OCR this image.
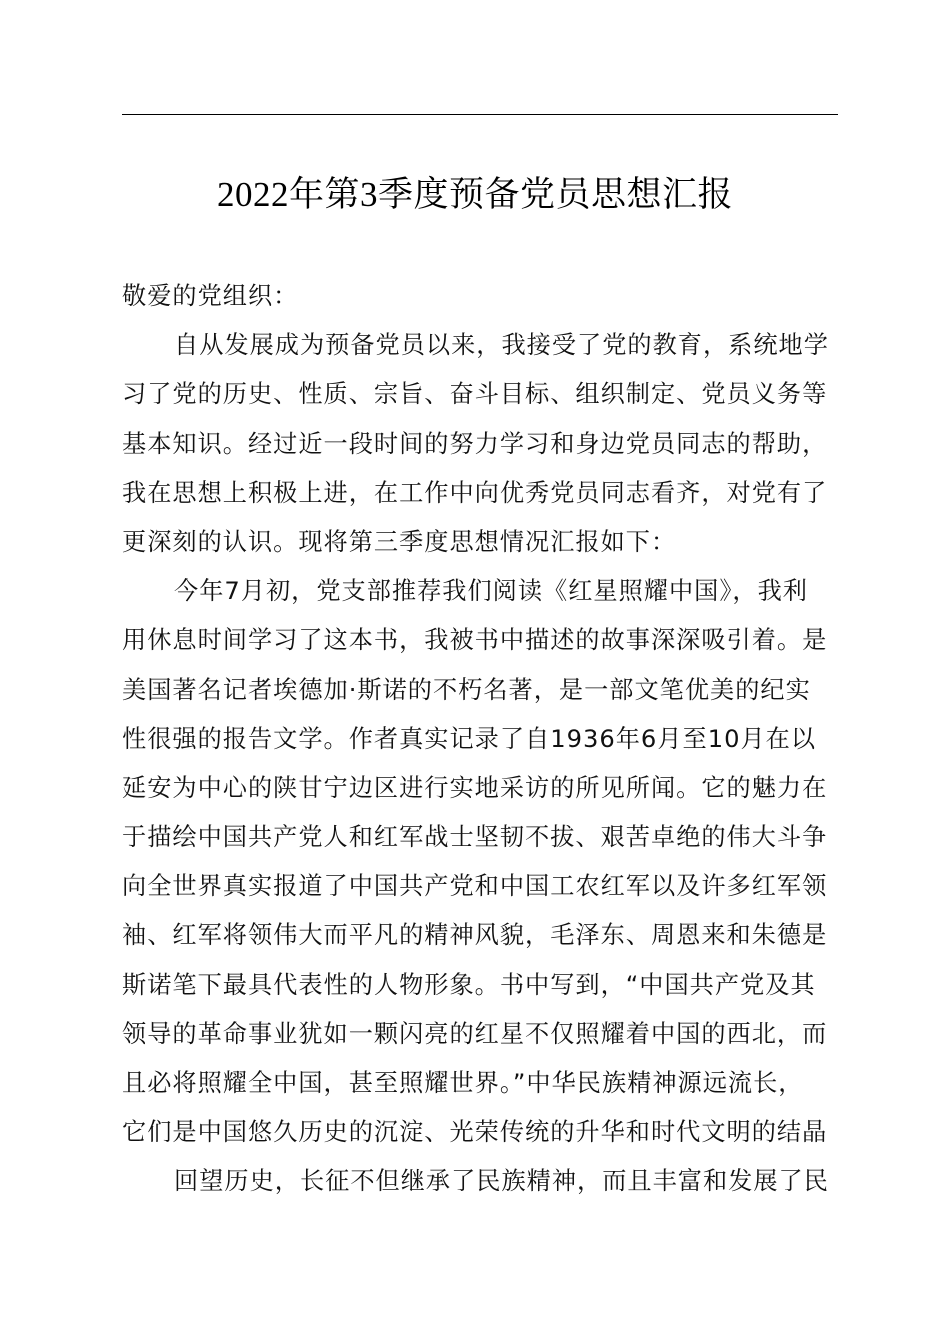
2022年第3季度预备党员思想汇报
敬爱的党组织：
自从发展成为预备党员以来，我接受了党的教育，系统地学
习了党的历史、性质、宗旨、奋斗目标、组织制定、党员义务等
基本知识。经过近一段时间的努力学习和身边党员同志的帮助，
我在思想上积极上进，在工作中向优秀党员同志看齐，对党有了
更深刻的认识。现将第三季度思想情况汇报如下：
今年7月初，党支部推荐我们阅读《红星照耀中国》，我利
用休息时间学习了这本书，我被书中描述的故事深深吸引着。是
美国著名记者埃德加·斯诺的不朽名著，是一部文笔优美的纪实
性很强的报告文学。作者真实记录了自1936年6月至10月在以
延安为中心的陕甘宁边区进行实地采访的所见所闻。它的魅力在
于描绘中国共产党人和红军战士坚韧不拔、艰苦卓绝的伟大斗争
向全世界真实报道了中国共产党和中国工农红军以及许多红军领
袖、红军将领伟大而平凡的精神风貌，毛泽东、周恩来和朱德是
斯诺笔下最具代表性的人物形象。书中写到，“中国共产党及其
领导的革命事业犹如一颗闪亮的红星不仅照耀着中国的西北，而
且必将照耀全中国，甚至照耀世界。”中华民族精神源远流长，
它们是中国悠久历史的沉淀、光荣传统的升华和时代文明的结晶
回望历史，长征不但继承了民族精神，而且丰富和发展了民
